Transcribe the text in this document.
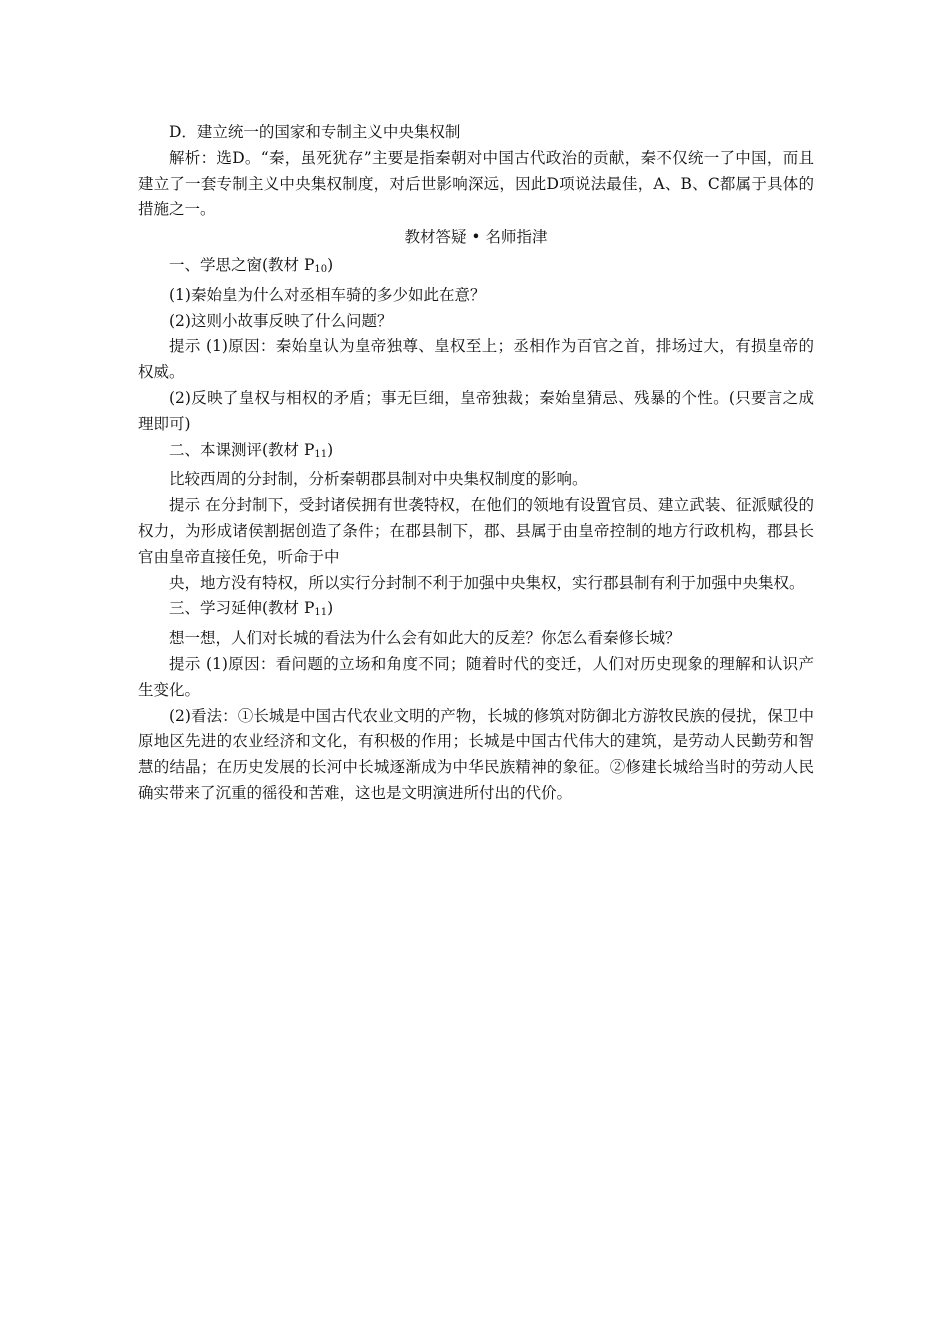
D．建立统一的国家和专制主义中央集权制

解析：选D。“秦，虽死犹存”主要是指秦朝对中国古代政治的贡献，秦不仅统一了中国，而且建立了一套专制主义中央集权制度，对后世影响深远，因此D项说法最佳，A、B、C都属于具体的措施之一。

教材答疑 • 名师指津

一、学思之窗(教材 $P_{10}$)

(1)秦始皇为什么对丞相车骑的多少如此在意？

(2)这则小故事反映了什么问题？

提示 (1)原因：秦始皇认为皇帝独尊、皇权至上；丞相作为百官之首，排场过大，有损皇帝的权威。

(2)反映了皇权与相权的矛盾；事无巨细，皇帝独裁；秦始皇猜忌、残暴的个性。(只要言之成理即可)

二、本课测评(教材 $P_{11}$)

比较西周的分封制，分析秦朝郡县制对中央集权制度的影响。

提示 在分封制下，受封诸侯拥有世袭特权，在他们的领地有设置官员、建立武装、征派赋役的权力，为形成诸侯割据创造了条件；在郡县制下，郡、县属于由皇帝控制的地方行政机构，郡县长官由皇帝直接任免，听命于中

央，地方没有特权，所以实行分封制不利于加强中央集权，实行郡县制有利于加强中央集权。

三、学习延伸(教材 $P_{11}$)

想一想，人们对长城的看法为什么会有如此大的反差？你怎么看秦修长城？

提示 (1)原因：看问题的立场和角度不同；随着时代的变迁，人们对历史现象的理解和认识产生变化。

(2)看法：①长城是中国古代农业文明的产物，长城的修筑对防御北方游牧民族的侵扰，保卫中原地区先进的农业经济和文化，有积极的作用；长城是中国古代伟大的建筑，是劳动人民勤劳和智慧的结晶；在历史发展的长河中长城逐渐成为中华民族精神的象征。②修建长城给当时的劳动人民确实带来了沉重的徭役和苦难，这也是文明演进所付出的代价。
